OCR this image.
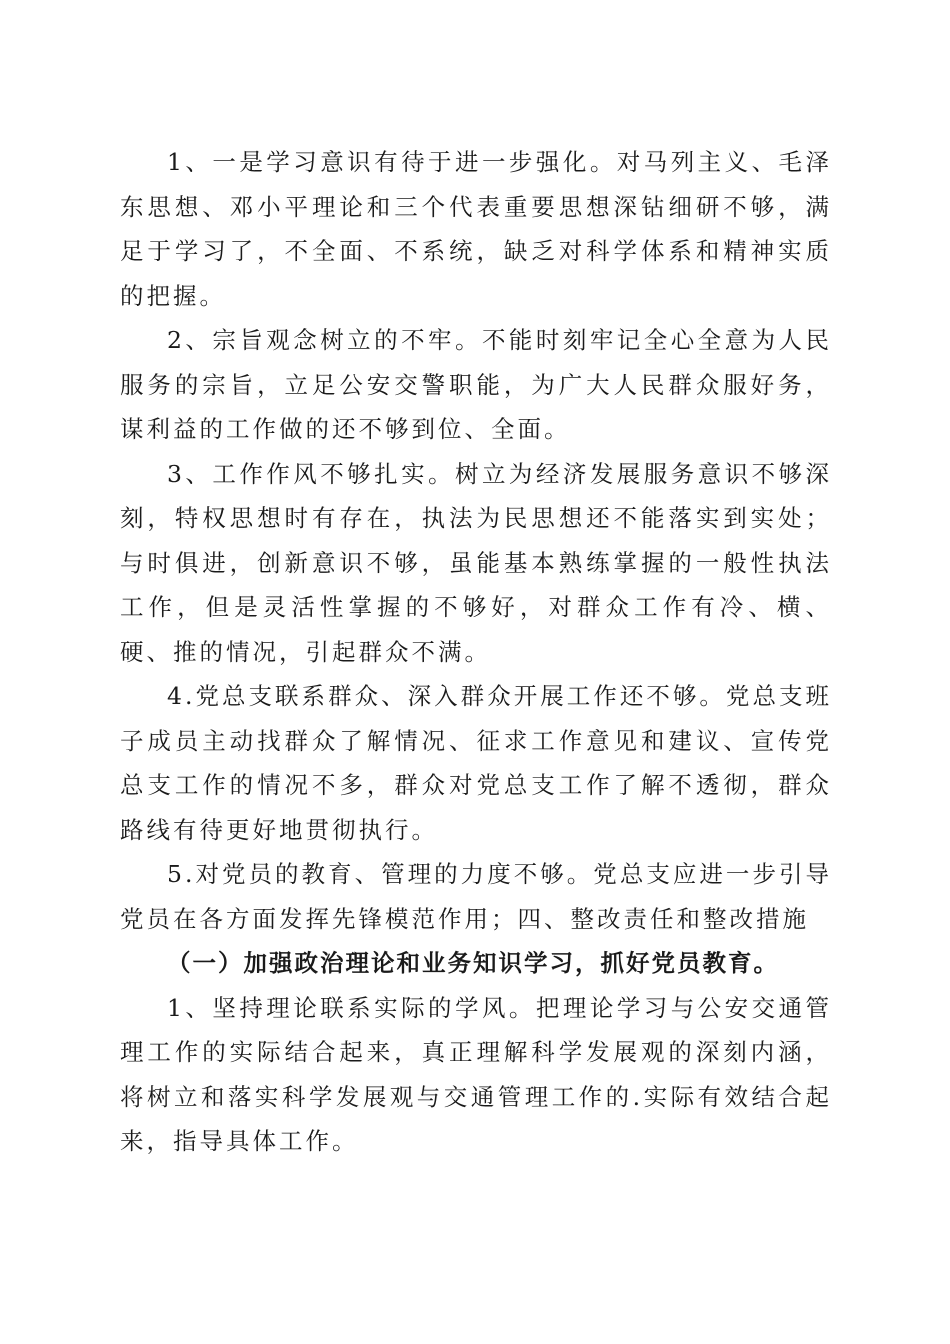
1、一是学习意识有待于进一步强化。对马列主义、毛泽东思想、邓小平理论和三个代表重要思想深钻细研不够，满足于学习了，不全面、不系统，缺乏对科学体系和精神实质的把握。

2、宗旨观念树立的不牢。不能时刻牢记全心全意为人民服务的宗旨，立足公安交警职能，为广大人民群众服好务，谋利益的工作做的还不够到位、全面。

3、工作作风不够扎实。树立为经济发展服务意识不够深刻，特权思想时有存在，执法为民思想还不能落实到实处；与时俱进，创新意识不够，虽能基本熟练掌握的一般性执法工作，但是灵活性掌握的不够好，对群众工作有冷、横、硬、推的情况，引起群众不满。

4.党总支联系群众、深入群众开展工作还不够。党总支班子成员主动找群众了解情况、征求工作意见和建议、宣传党总支工作的情况不多，群众对党总支工作了解不透彻，群众路线有待更好地贯彻执行。

5.对党员的教育、管理的力度不够。党总支应进一步引导党员在各方面发挥先锋模范作用；四、整改责任和整改措施

（一）加强政治理论和业务知识学习，抓好党员教育。

1、坚持理论联系实际的学风。把理论学习与公安交通管理工作的实际结合起来，真正理解科学发展观的深刻内涵，将树立和落实科学发展观与交通管理工作的.实际有效结合起来，指导具体工作。
